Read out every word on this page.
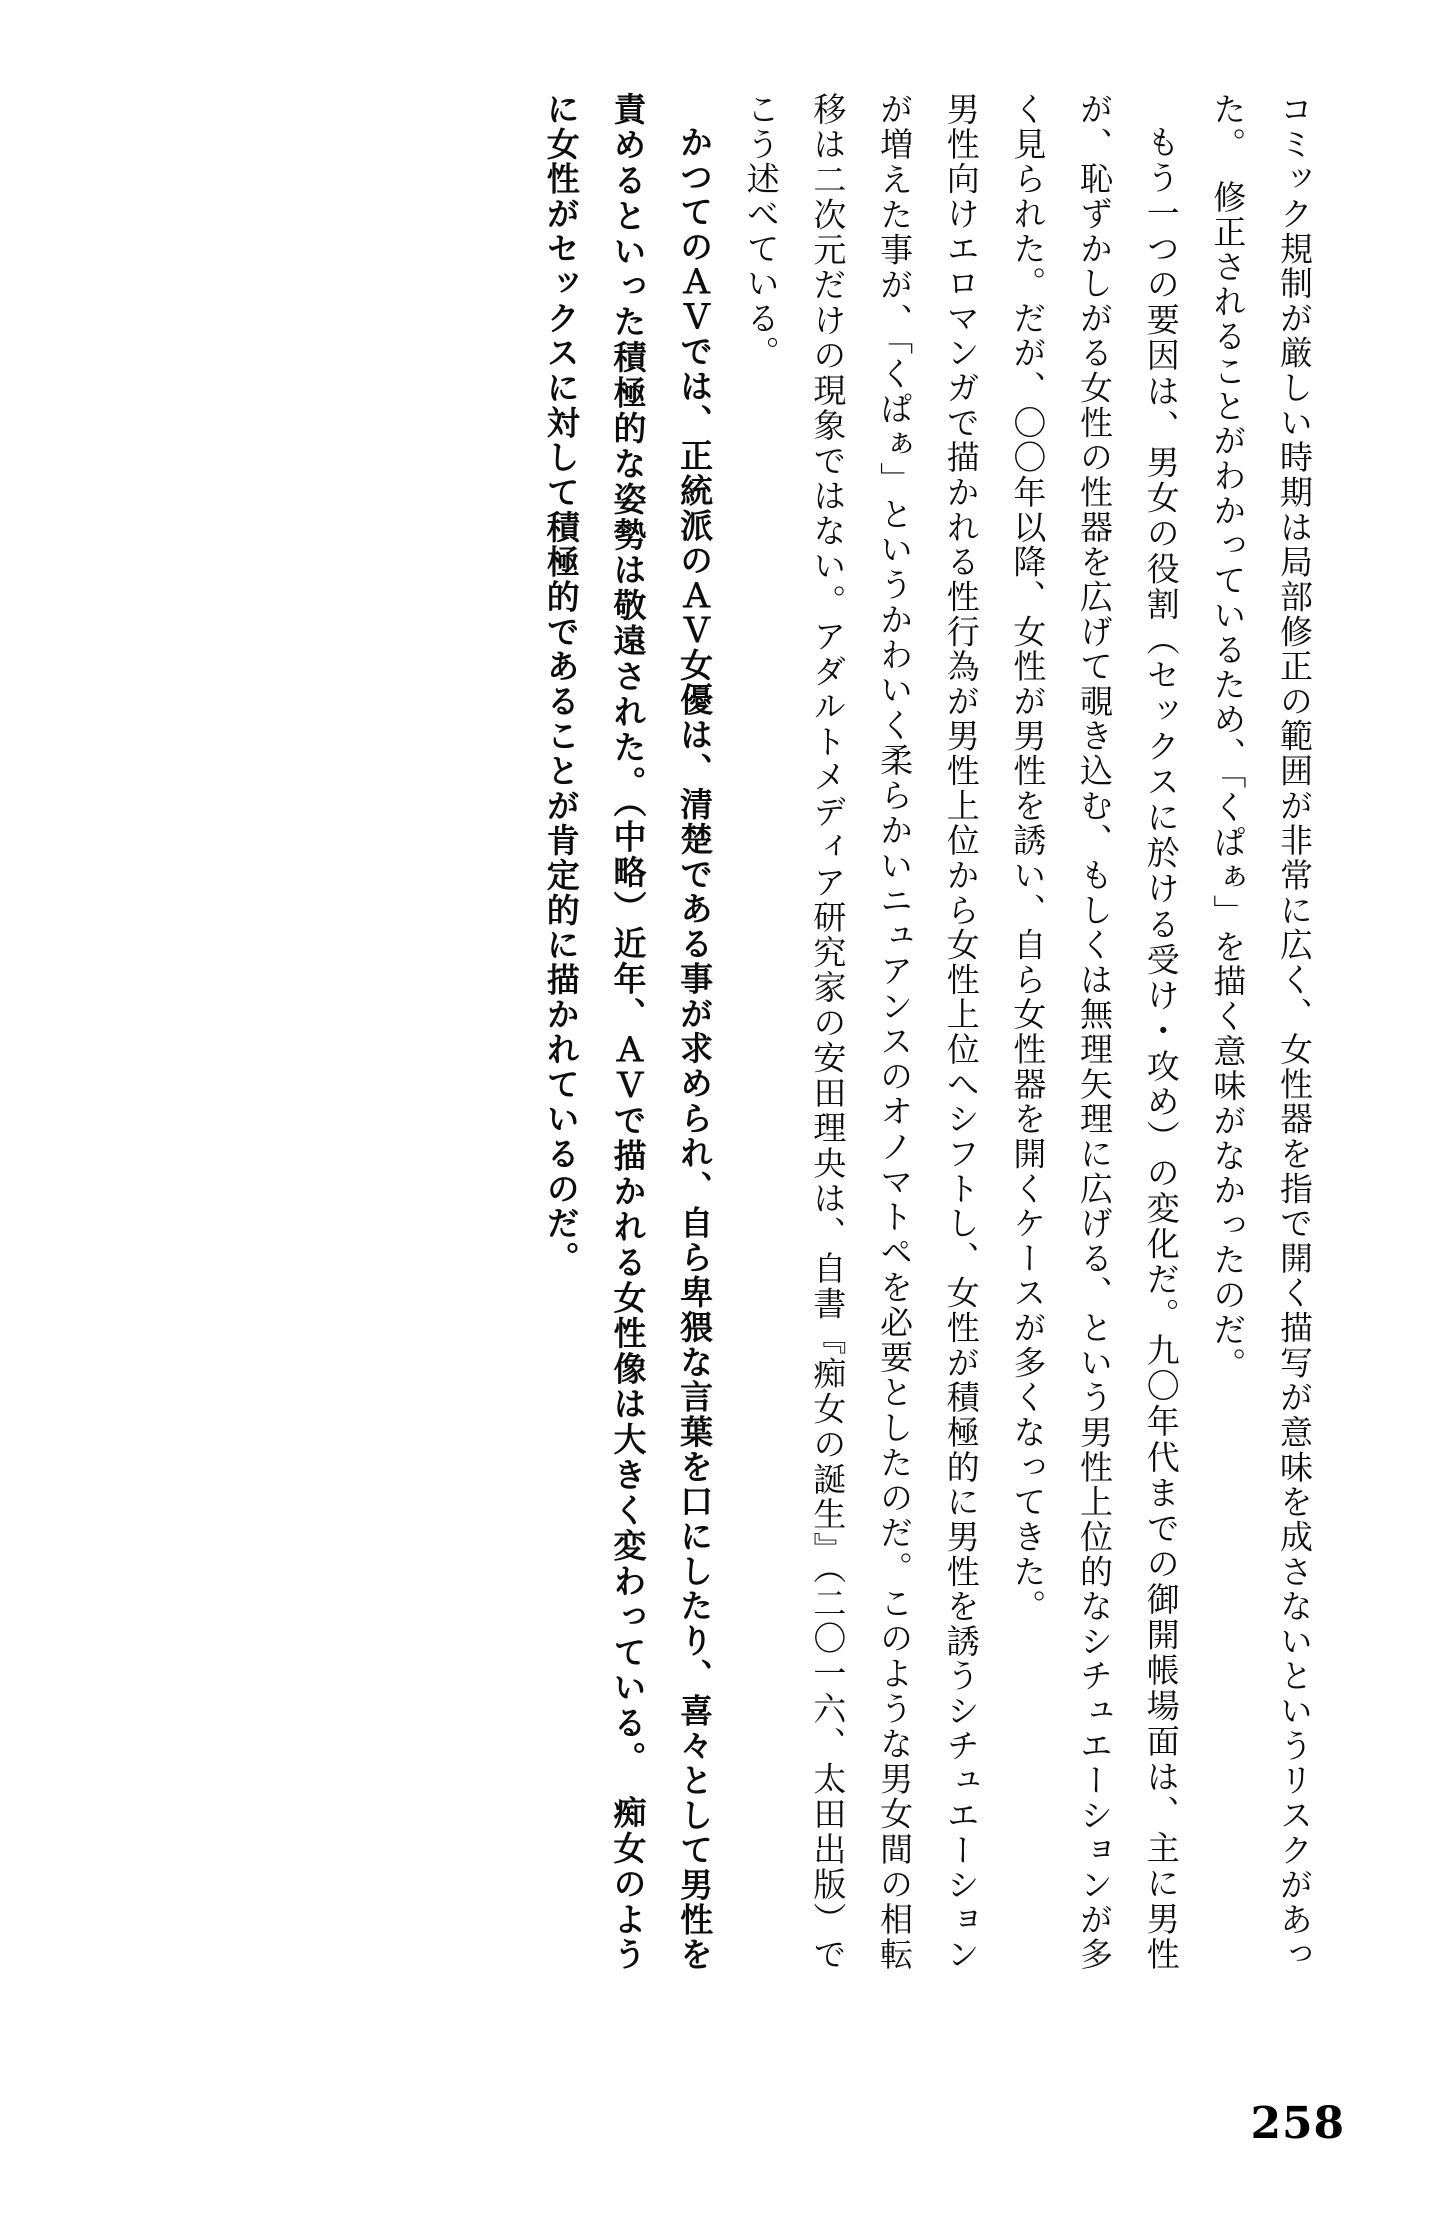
コミック規制が厳しい時期は局部修正の範囲が非常に広く、女性器を指で開く描写が意味を成さないというリスクがあった。　修正されることがわかっているため、「くぱぁ」を描く意味がなかったのだ。

もう一つの要因は、男女の役割（セックスに於ける受け・攻め）の変化だ。九〇年代までの御開帳場面は、主に男性が、恥ずかしがる女性の性器を広げて覗き込む、もしくは無理矢理に広げる、という男性上位的なシチュエーションが多く見られた。だが、〇〇年以降、女性が男性を誘い、自ら女性器を開くケースが多くなってきた。

男性向けエロマンガで描かれる性行為が男性上位から女性上位へシフトし、女性が積極的に男性を誘うシチュエーションが増えた事が、「くぱぁ」というかわいく柔らかいニュアンスのオノマトペを必要としたのだ。このような男女間の相転移は二次元だけの現象ではない。アダルトメディア研究家の安田理央は、自書『痴女の誕生』（二〇一六、太田出版）でこう述べている。

かつてのＡＶでは、正統派のＡＶ女優は、清楚である事が求められ、自ら卑猥な言葉を口にしたり、喜々として男性を責めるといった積極的な姿勢は敬遠された。（中略）近年、ＡＶで描かれる女性像は大きく変わっている。　痴女のように女性がセックスに対して積極的であることが肯定的に描かれているのだ。

258
